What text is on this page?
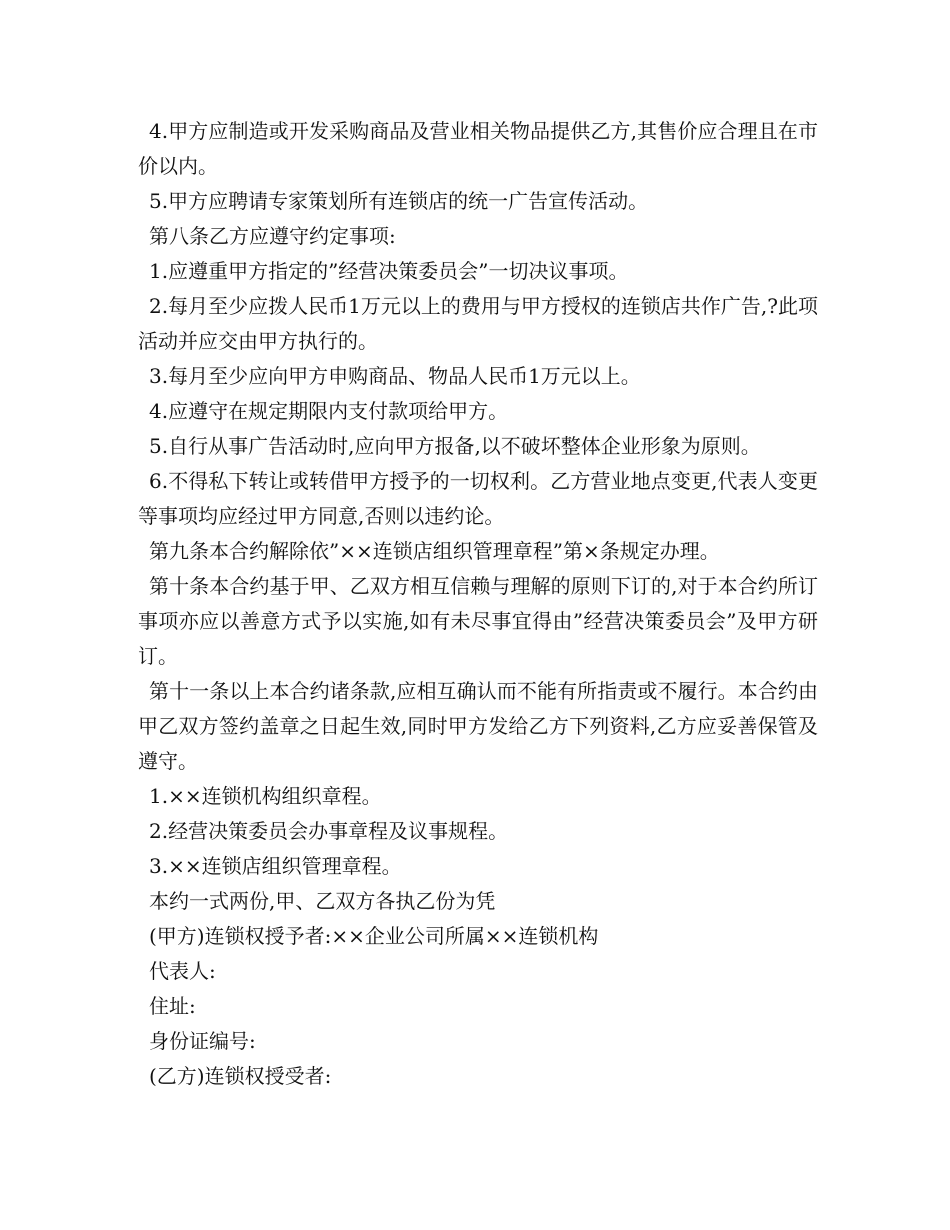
4.甲方应制造或开发采购商品及营业相关物品提供乙方,其售价应合理且在市价以内。

5.甲方应聘请专家策划所有连锁店的统一广告宣传活动。

第八条乙方应遵守约定事项:

1.应遵重甲方指定的”经营决策委员会”一切决议事项。

2.每月至少应拨人民币1万元以上的费用与甲方授权的连锁店共作广告,?此项活动并应交由甲方执行的。

3.每月至少应向甲方申购商品、物品人民币1万元以上。

4.应遵守在规定期限内支付款项给甲方。

5.自行从事广告活动时,应向甲方报备,以不破坏整体企业形象为原则。

6.不得私下转让或转借甲方授予的一切权利。乙方营业地点变更,代表人变更等事项均应经过甲方同意,否则以违约论。

第九条本合约解除依”××连锁店组织管理章程”第×条规定办理。

第十条本合约基于甲、乙双方相互信赖与理解的原则下订的,对于本合约所订事项亦应以善意方式予以实施,如有未尽事宜得由”经营决策委员会”及甲方研订。

第十一条以上本合约诸条款,应相互确认而不能有所指责或不履行。本合约由甲乙双方签约盖章之日起生效,同时甲方发给乙方下列资料,乙方应妥善保管及遵守。

1.××连锁机构组织章程。

2.经营决策委员会办事章程及议事规程。

3.××连锁店组织管理章程。

本约一式两份,甲、乙双方各执乙份为凭

(甲方)连锁权授予者:××企业公司所属××连锁机构

代表人:

住址:

身份证编号:

(乙方)连锁权授受者:
